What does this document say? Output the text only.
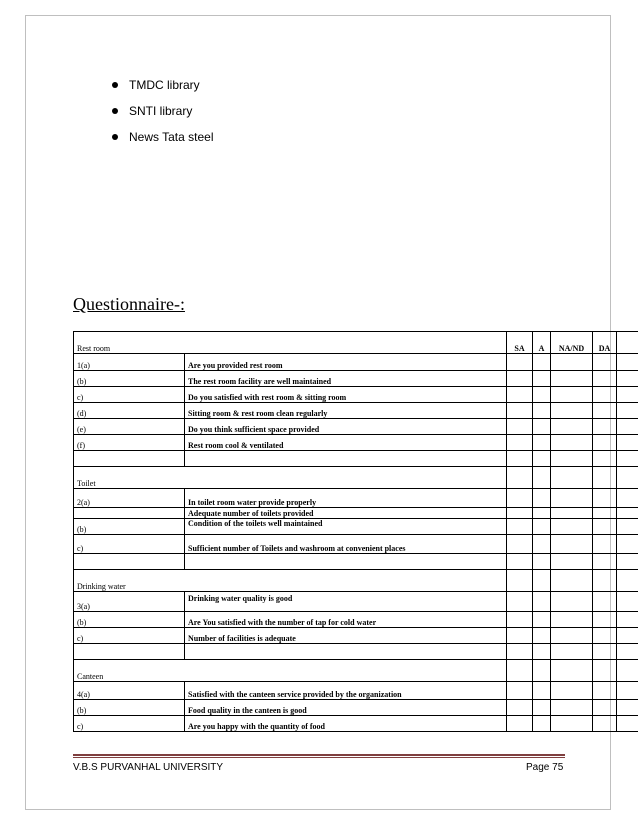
TMDC library
SNTI library
News Tata steel
Questionnaire-:
Rest room		SA	A	NA/ND	DA	
1(a)	Are you provided rest room					
(b)	The rest room facility are well maintained					
c)	Do you satisfied with rest room & sitting room					
(d)	Sitting room & rest room clean regularly					
(e)	Do you think sufficient space provided					
(f)	Rest room cool & ventilated					

Toilet						
2(a)	In toilet room water provide properly					
	Adequate number of toilets provided					
(b)	Condition of the toilets well maintained					
c)	Sufficient number of Toilets and washroom at convenient places					

Drinking water						
3(a)	Drinking water quality is good					
(b)	Are You satisfied with the number of tap for cold water					
c)	Number of facilities is adequate					

Canteen						
4(a)	Satisfied with the canteen service provided by the organization					
(b)	Food quality in the canteen is good					
c)	Are you happy with the quantity of food					
V.B.S PURVANHAL UNIVERSITY	Page 75
